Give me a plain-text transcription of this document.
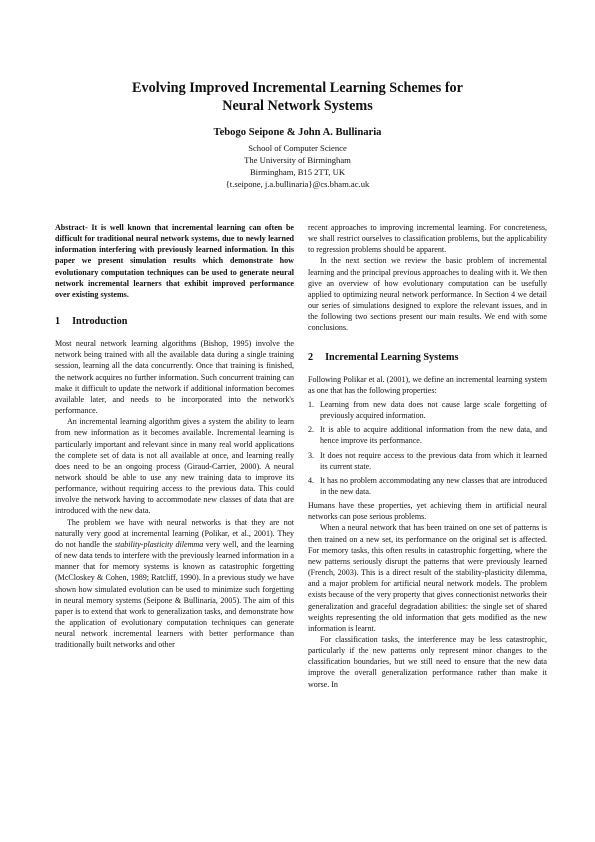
Evolving Improved Incremental Learning Schemes for
Neural Network Systems
Tebogo Seipone & John A. Bullinaria
School of Computer Science
The University of Birmingham
Birmingham, B15 2TT, UK
{t.seipone, j.a.bullinaria}@cs.bham.ac.uk

Abstract- It is well known that incremental learning can often be difficult for traditional neural network systems, due to newly learned information interfering with previously learned information. In this paper we present simulation results which demonstrate how evolutionary computation techniques can be used to generate neural network incremental learners that exhibit improved performance over existing systems.

1 Introduction

Most neural network learning algorithms (Bishop, 1995) involve the network being trained with all the available data during a single training session, learning all the data concurrently. Once that training is finished, the network acquires no further information. Such concurrent training can make it difficult to update the network if additional information becomes available later, and needs to be incorporated into the network's performance.

An incremental learning algorithm gives a system the ability to learn from new information as it becomes available. Incremental learning is particularly important and relevant since in many real world applications the complete set of data is not all available at once, and learning really does need to be an ongoing process (Giraud-Carrier, 2000). A neural network should be able to use any new training data to improve its performance, without requiring access to the previous data. This could involve the network having to accommodate new classes of data that are introduced with the new data.

The problem we have with neural networks is that they are not naturally very good at incremental learning (Polikar, et al., 2001). They do not handle the stability-plasticity dilemma very well, and the learning of new data tends to interfere with the previously learned information in a manner that for memory systems is known as catastrophic forgetting (McCloskey & Cohen, 1989; Ratcliff, 1990). In a previous study we have shown how simulated evolution can be used to minimize such forgetting in neural memory systems (Seipone & Bullinaria, 2005). The aim of this paper is to extend that work to generalization tasks, and demonstrate how the application of evolutionary computation techniques can generate neural network incremental learners with better performance than traditionally built networks and other

recent approaches to improving incremental learning. For concreteness, we shall restrict ourselves to classification problems, but the applicability to regression problems should be apparent.

In the next section we review the basic problem of incremental learning and the principal previous approaches to dealing with it. We then give an overview of how evolutionary computation can be usefully applied to optimizing neural network performance. In Section 4 we detail our series of simulations designed to explore the relevant issues, and in the following two sections present our main results. We end with some conclusions.

2 Incremental Learning Systems

Following Polikar et al. (2001), we define an incremental learning system as one that has the following properties:

1. Learning from new data does not cause large scale forgetting of previously acquired information.
2. It is able to acquire additional information from the new data, and hence improve its performance.
3. It does not require access to the previous data from which it learned its current state.
4. It has no problem accommodating any new classes that are introduced in the new data.

Humans have these properties, yet achieving them in artificial neural networks can pose serious problems.

When a neural network that has been trained on one set of patterns is then trained on a new set, its performance on the original set is affected. For memory tasks, this often results in catastrophic forgetting, where the new patterns seriously disrupt the patterns that were previously learned (French, 2003). This is a direct result of the stability-plasticity dilemma, and a major problem for artificial neural network models. The problem exists because of the very property that gives connectionist networks their generalization and graceful degradation abilities: the single set of shared weights representing the old information that gets modified as the new information is learnt.

For classification tasks, the interference may be less catastrophic, particularly if the new patterns only represent minor changes to the classification boundaries, but we still need to ensure that the new data improve the overall generalization performance rather than make it worse. In
